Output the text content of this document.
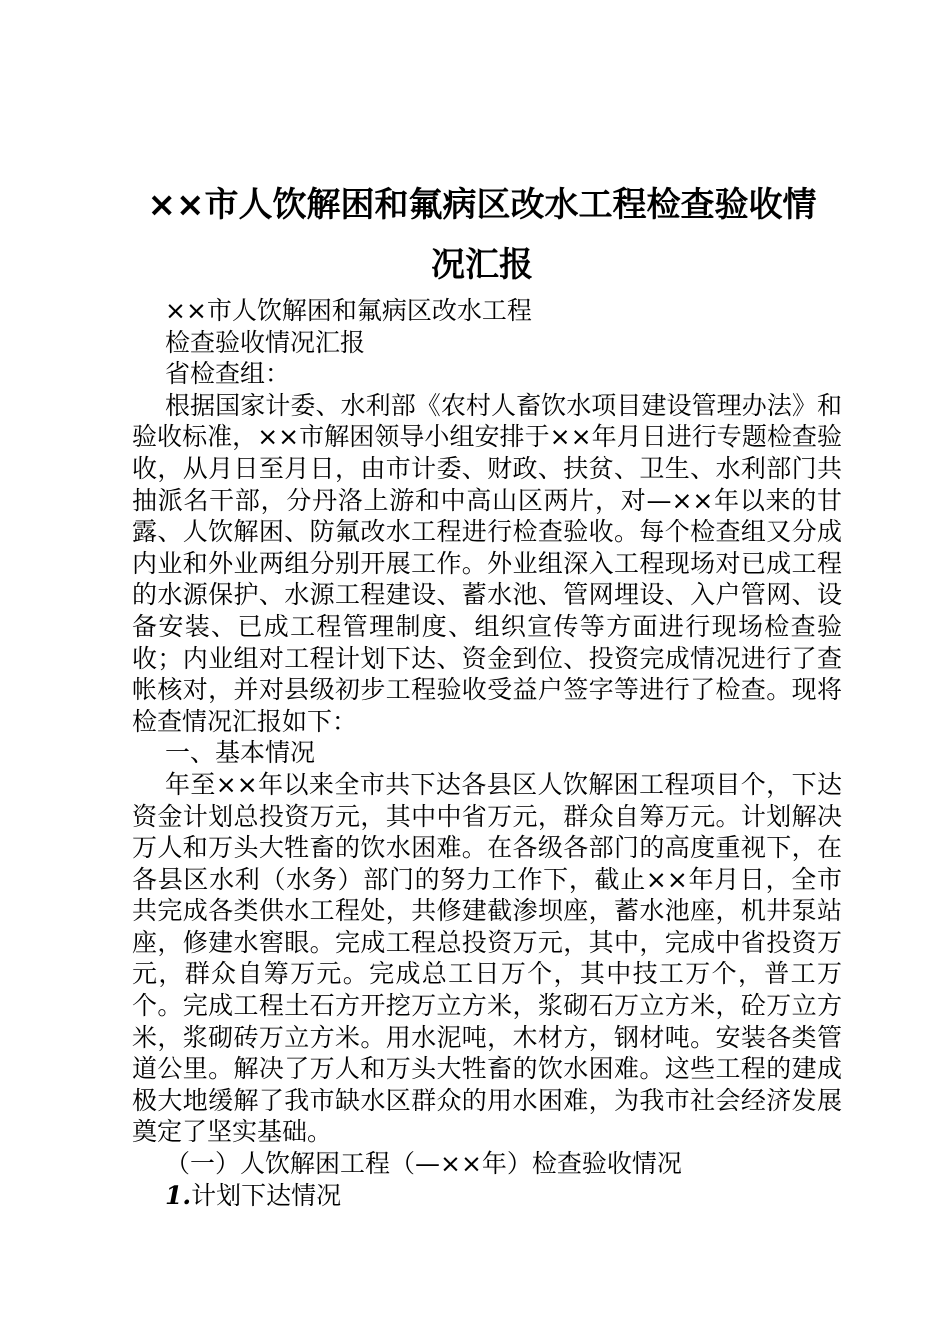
××市人饮解困和氟病区改水工程检查验收情
况汇报

××市人饮解困和氟病区改水工程

检查验收情况汇报

省检查组：

根据国家计委、水利部《农村人畜饮水项目建设管理办法》和验收标准，××市解困领导小组安排于××年月日进行专题检查验收，从月日至月日，由市计委、财政、扶贫、卫生、水利部门共抽派名干部，分丹洛上游和中高山区两片，对—××年以来的甘露、人饮解困、防氟改水工程进行检查验收。每个检查组又分成内业和外业两组分别开展工作。外业组深入工程现场对已成工程的水源保护、水源工程建设、蓄水池、管网埋设、入户管网、设备安装、已成工程管理制度、组织宣传等方面进行现场检查验收；内业组对工程计划下达、资金到位、投资完成情况进行了查帐核对，并对县级初步工程验收受益户签字等进行了检查。现将检查情况汇报如下：

一、基本情况

年至××年以来全市共下达各县区人饮解困工程项目个，下达资金计划总投资万元，其中中省万元，群众自筹万元。计划解决万人和万头大牲畜的饮水困难。在各级各部门的高度重视下，在各县区水利（水务）部门的努力工作下，截止××年月日，全市共完成各类供水工程处，共修建截渗坝座，蓄水池座，机井泵站座，修建水窖眼。完成工程总投资万元，其中，完成中省投资万元，群众自筹万元。完成总工日万个，其中技工万个，普工万个。完成工程土石方开挖万立方米，浆砌石万立方米，砼万立方米，浆砌砖万立方米。用水泥吨，木材方，钢材吨。安装各类管道公里。解决了万人和万头大牲畜的饮水困难。这些工程的建成极大地缓解了我市缺水区群众的用水困难，为我市社会经济发展奠定了坚实基础。

（一）人饮解困工程（—××年）检查验收情况

1.计划下达情况
